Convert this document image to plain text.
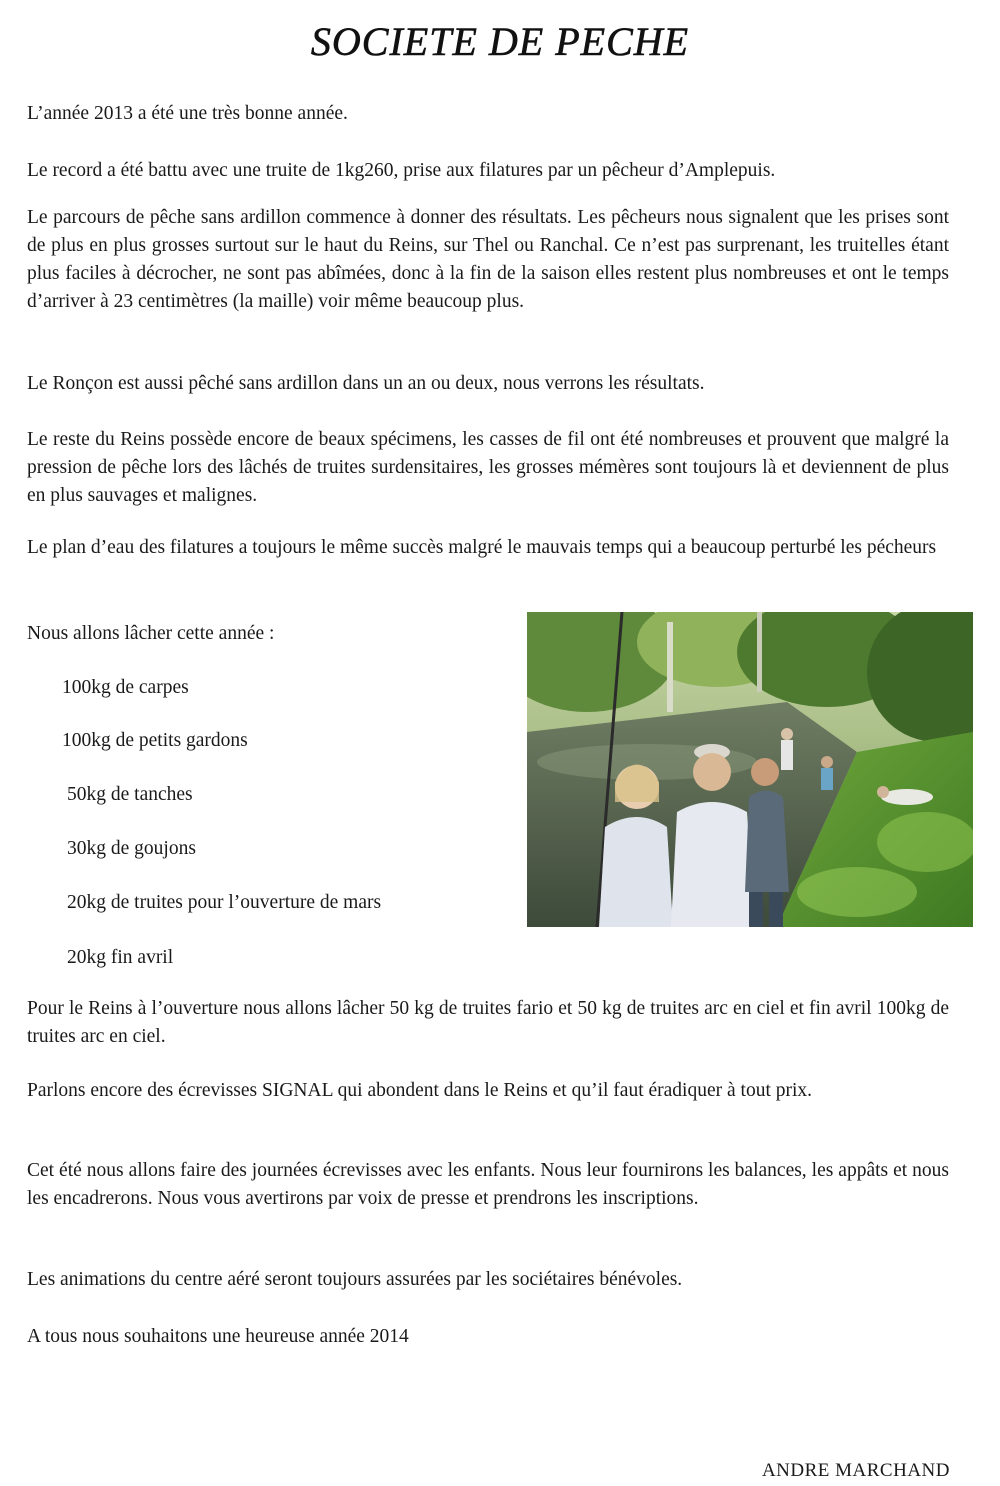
SOCIETE DE PECHE
L’année 2013 a été une très bonne année.
Le record a été battu avec une truite de 1kg260, prise aux filatures par un pêcheur d’Amplepuis.
Le parcours de pêche sans ardillon commence à donner des résultats. Les pêcheurs nous signalent que les prises sont de plus en plus grosses surtout sur le haut du Reins, sur Thel ou Ranchal. Ce n’est pas surprenant, les truitelles étant plus faciles à décrocher, ne sont pas abîmées, donc à la fin de la saison elles restent plus nombreuses et ont le temps d’arriver à 23 centimètres (la maille) voir même beaucoup plus.
Le Ronçon est aussi pêché sans ardillon dans un an ou deux, nous verrons les résultats.
Le reste du Reins possède encore de beaux spécimens, les casses de fil ont été nombreuses et prouvent que malgré la pression de pêche lors des lâchés de truites surdensitaires, les grosses mémères sont toujours là et deviennent de plus en plus sauvages et malignes.
Le plan d’eau des filatures a toujours le même succès malgré le mauvais temps qui a beaucoup perturbé les pécheurs
Nous allons lâcher cette année :
100kg de carpes
100kg de petits gardons
50kg de tanches
30kg de goujons
20kg de truites pour l’ouverture de mars
20kg fin avril
Pour le Reins à l’ouverture nous allons lâcher 50 kg de truites fario et 50 kg de truites arc en ciel et fin avril 100kg de truites arc en ciel.
Parlons encore des écrevisses SIGNAL qui abondent dans le Reins et qu’il faut éradiquer à tout prix.
Cet été nous allons faire des journées écrevisses avec les enfants. Nous leur fournirons les balances, les appâts et nous les encadrerons. Nous vous avertirons par voix de presse et prendrons les inscriptions.
Les animations du centre aéré seront toujours assurées par les sociétaires bénévoles.
A tous nous souhaitons une heureuse année 2014
ANDRE MARCHAND
